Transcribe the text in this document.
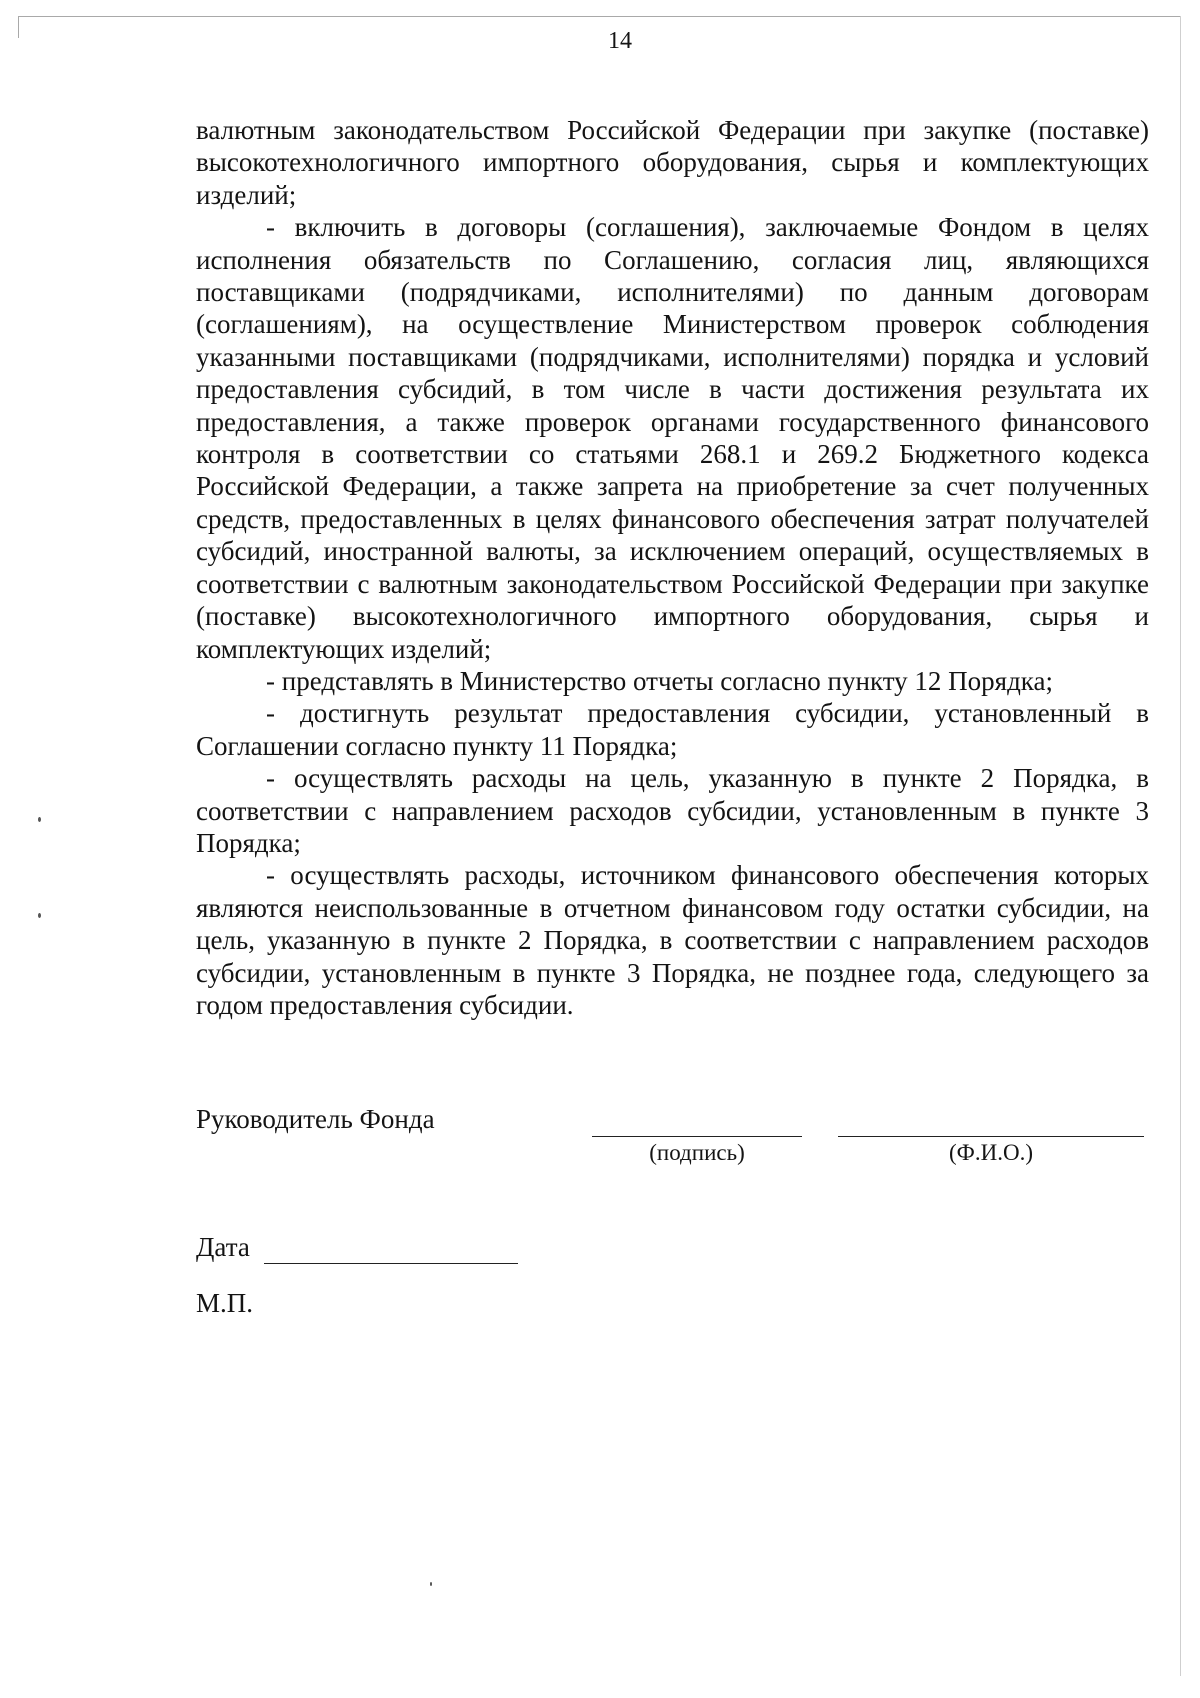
14

валютным законодательством Российской Федерации при закупке (поставке) высокотехнологичного импортного оборудования, сырья и комплектующих изделий;

- включить в договоры (соглашения), заключаемые Фондом в целях исполнения обязательств по Соглашению, согласия лиц, являющихся поставщиками (подрядчиками, исполнителями) по данным договорам (соглашениям), на осуществление Министерством проверок соблюдения указанными поставщиками (подрядчиками, исполнителями) порядка и условий предоставления субсидий, в том числе в части достижения результата их предоставления, а также проверок органами государственного финансового контроля в соответствии со статьями 268.1 и 269.2 Бюджетного кодекса Российской Федерации, а также запрета на приобретение за счет полученных средств, предоставленных в целях финансового обеспечения затрат получателей субсидий, иностранной валюты, за исключением операций, осуществляемых в соответствии с валютным законодательством Российской Федерации при закупке (поставке) высокотехнологичного импортного оборудования, сырья и комплектующих изделий;

- представлять в Министерство отчеты согласно пункту 12 Порядка;

- достигнуть результат предоставления субсидии, установленный в Соглашении согласно пункту 11 Порядка;

- осуществлять расходы на цель, указанную в пункте 2 Порядка, в соответствии с направлением расходов субсидии, установленным в пункте 3 Порядка;

- осуществлять расходы, источником финансового обеспечения которых являются неиспользованные в отчетном финансовом году остатки субсидии, на цель, указанную в пункте 2 Порядка, в соответствии с направлением расходов субсидии, установленным в пункте 3 Порядка, не позднее года, следующего за годом предоставления субсидии.

Руководитель Фонда
(подпись)	(Ф.И.О.)
Дата
М.П.
